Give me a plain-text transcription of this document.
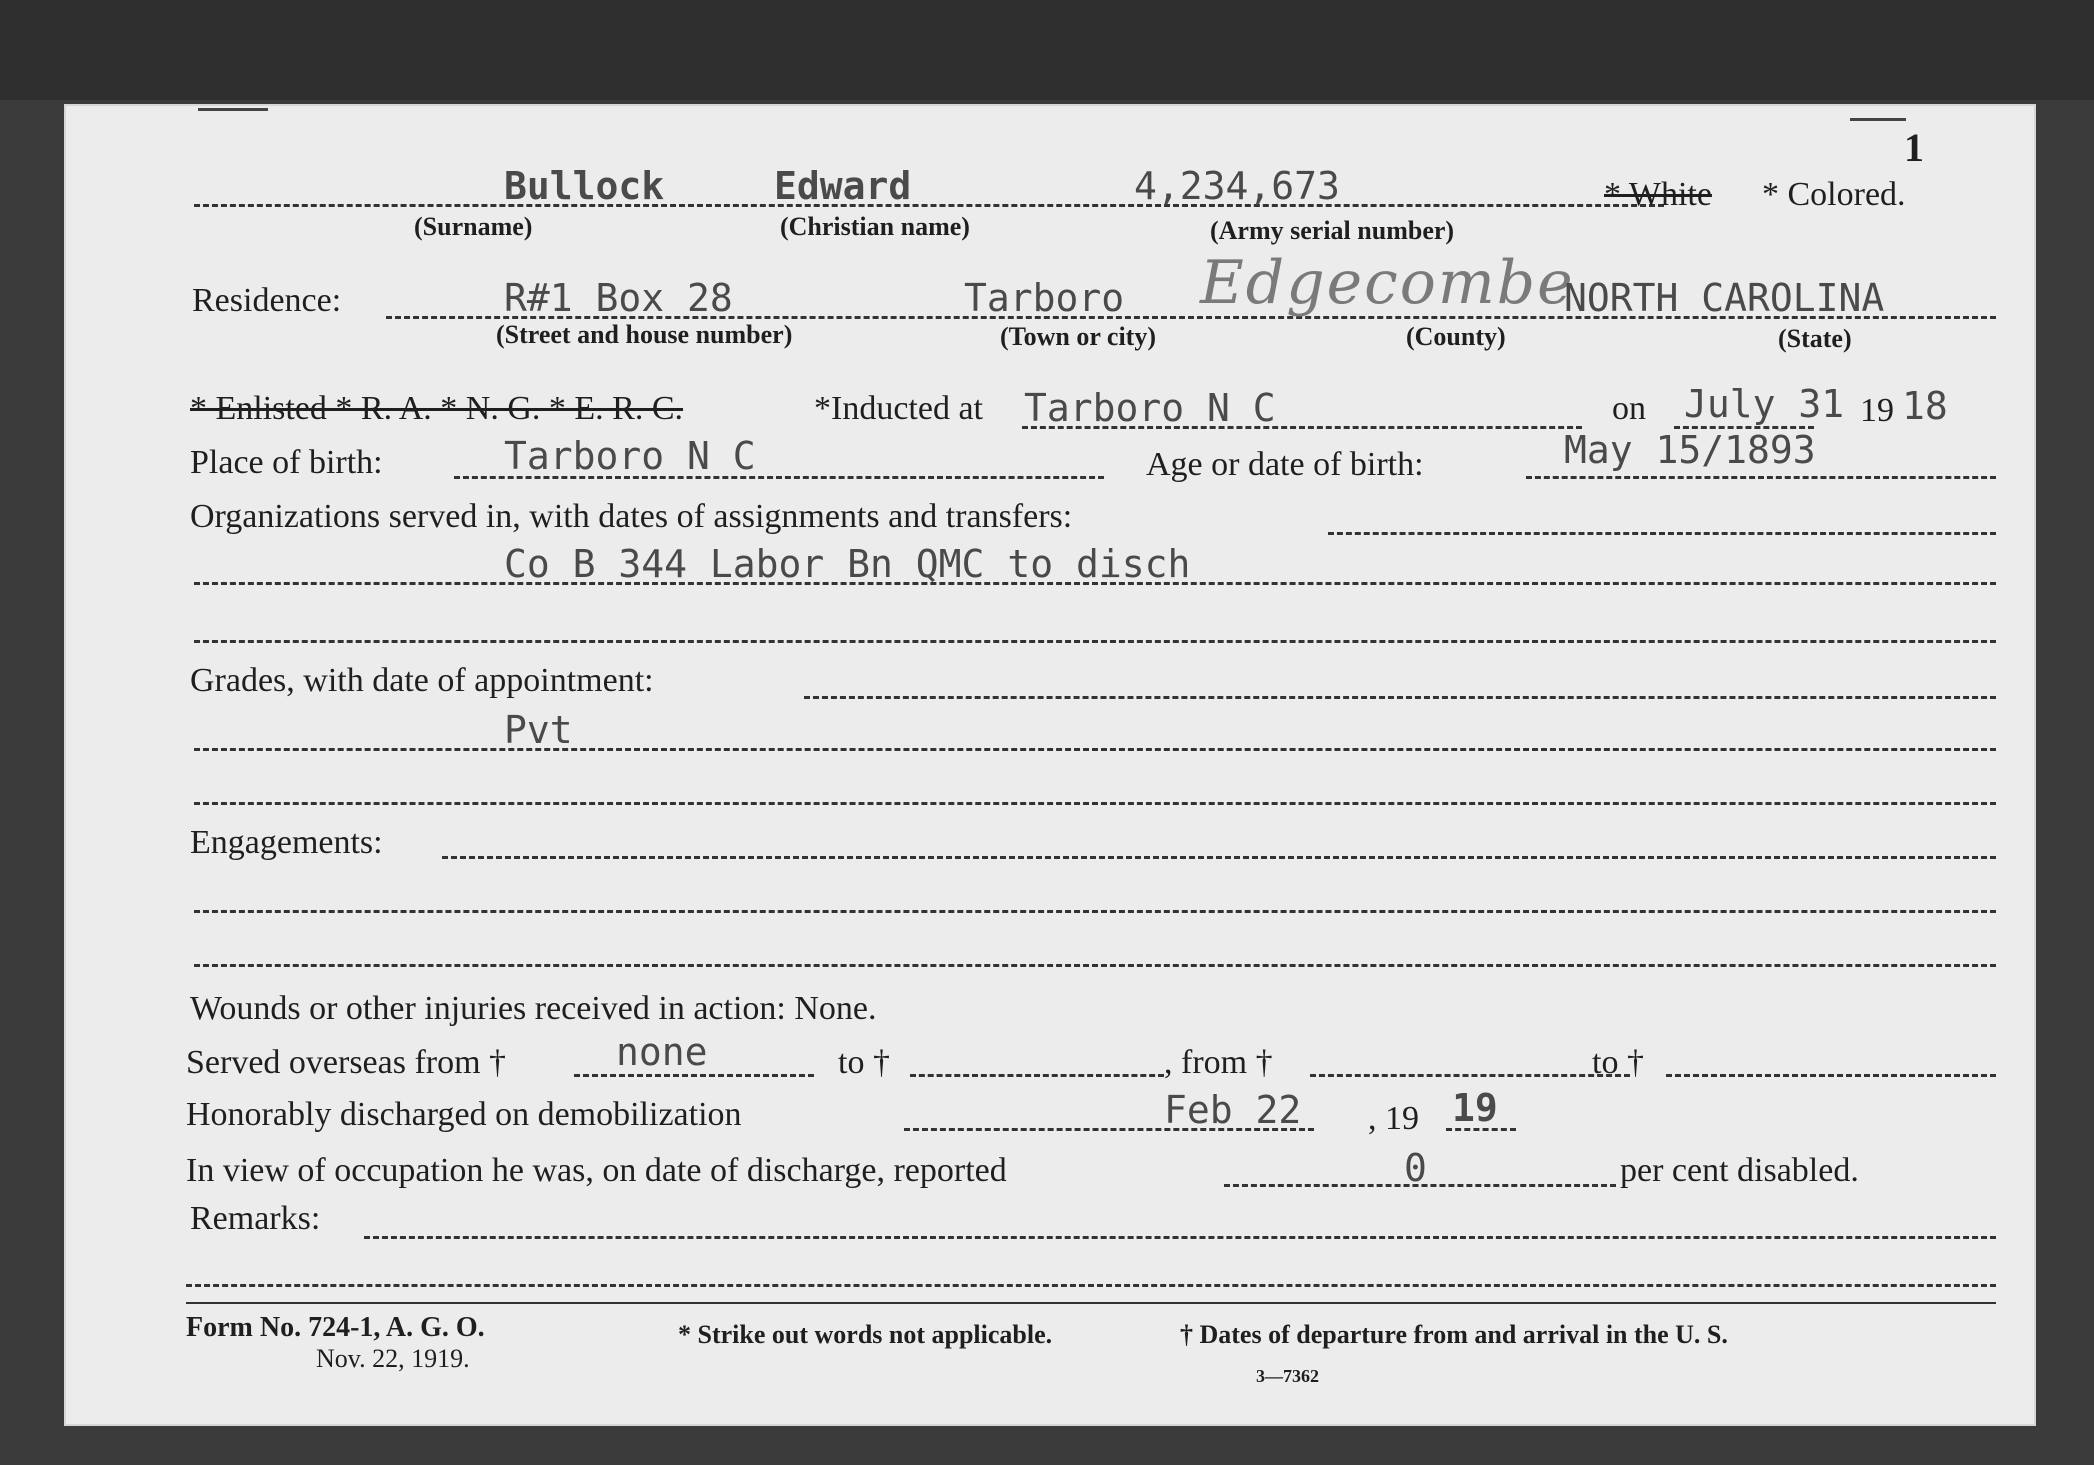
1
Bullock	Edward	4,234,673	* White * Colored.
(Surname)	(Christian name)	(Army serial number)
Residence:	R#1 Box 28	Tarboro Edgecombe
NORTH CAROLINA
(Street and house number)	(Town or city)	(County)	(State)
* Enlisted * R. A. * N. G. * E. R. C.	*Inducted at Tarboro N C	on July 31 19 18
Place of birth:	Tarboro N C	Age or date of birth:	May 15/1893
Organizations served in, with dates of assignments and transfers:
Co B 344 Labor Bn QMC to disch
Grades, with date of appointment:
Pvt
Engagements:
Wounds or other injuries received in action: None.
Served overseas from †	none	to †	, from †	to †
Honorably discharged on demobilization	Feb 22 , 19 19
In view of occupation he was, on date of discharge, reported	0	per cent disabled.
Remarks:
Form No. 724-1, A. G. O.
Nov. 22, 1919.
* Strike out words not applicable.	† Dates of departure from and arrival in the U. S.
3—7362
